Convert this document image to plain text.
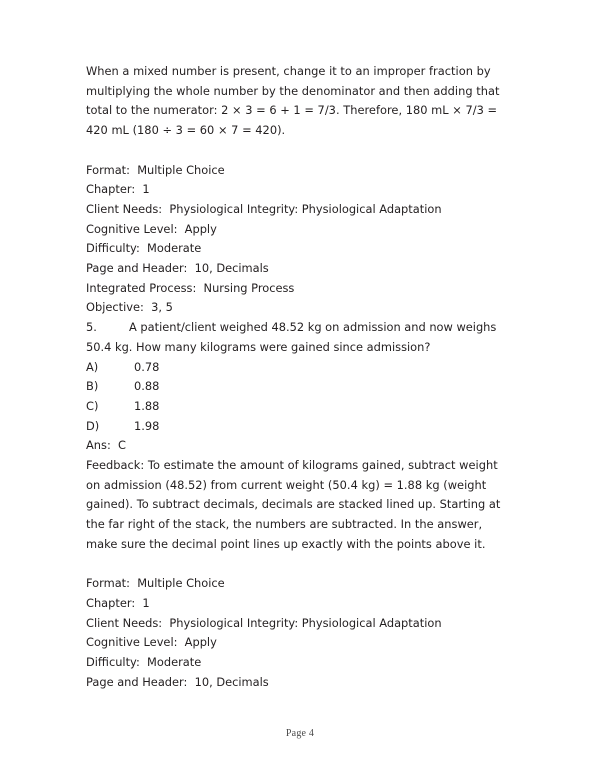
When a mixed number is present, change it to an improper fraction by multiplying the whole number by the denominator and then adding that total to the numerator: 2 × 3 = 6 + 1 = 7/3. Therefore, 180 mL × 7/3 = 420 mL (180 ÷ 3 = 60 × 7 = 420).

Format:  Multiple Choice

Chapter:  1

Client Needs:  Physiological Integrity: Physiological Adaptation

Cognitive Level:  Apply

Difficulty:  Moderate

Page and Header:  10, Decimals

Integrated Process:  Nursing Process

Objective:  3, 5

5.	A patient/client weighed 48.52 kg on admission and now weighs 50.4 kg. How many kilograms were gained since admission?

A)	0.78

B)	0.88

C)	1.88

D)	1.98

Ans: C

Feedback: To estimate the amount of kilograms gained, subtract weight on admission (48.52) from current weight (50.4 kg) = 1.88 kg (weight gained). To subtract decimals, decimals are stacked lined up. Starting at the far right of the stack, the numbers are subtracted. In the answer, make sure the decimal point lines up exactly with the points above it.

Format:  Multiple Choice

Chapter:  1

Client Needs:  Physiological Integrity: Physiological Adaptation

Cognitive Level:  Apply

Difficulty:  Moderate

Page and Header:  10, Decimals

Page 4
